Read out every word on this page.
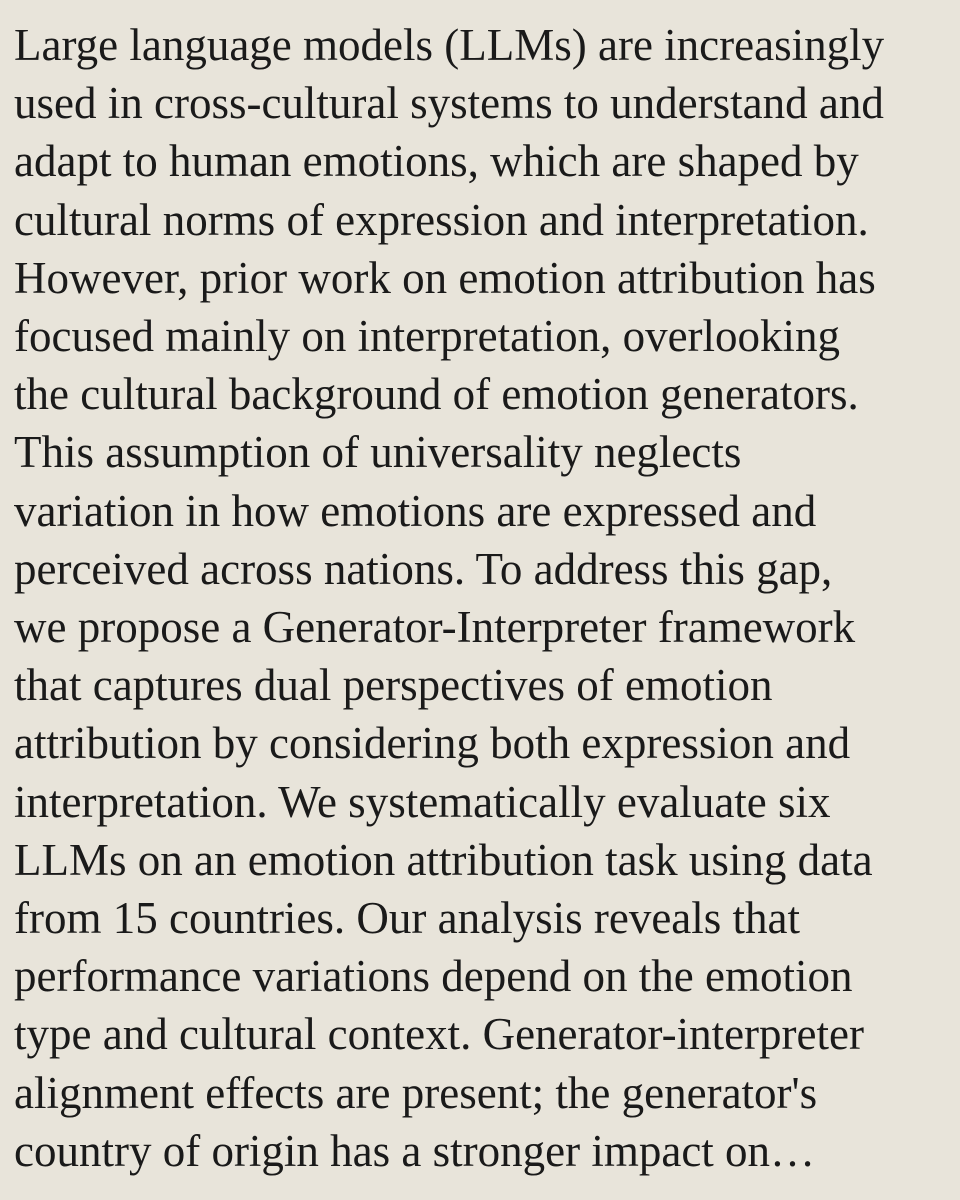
Large language models (LLMs) are increasingly
used in cross-cultural systems to understand and
adapt to human emotions, which are shaped by
cultural norms of expression and interpretation.
However, prior work on emotion attribution has
focused mainly on interpretation, overlooking
the cultural background of emotion generators.
This assumption of universality neglects
variation in how emotions are expressed and
perceived across nations. To address this gap,
we propose a Generator-Interpreter framework
that captures dual perspectives of emotion
attribution by considering both expression and
interpretation. We systematically evaluate six
LLMs on an emotion attribution task using data
from 15 countries. Our analysis reveals that
performance variations depend on the emotion
type and cultural context. Generator-interpreter
alignment effects are present; the generator's
country of origin has a stronger impact on…
